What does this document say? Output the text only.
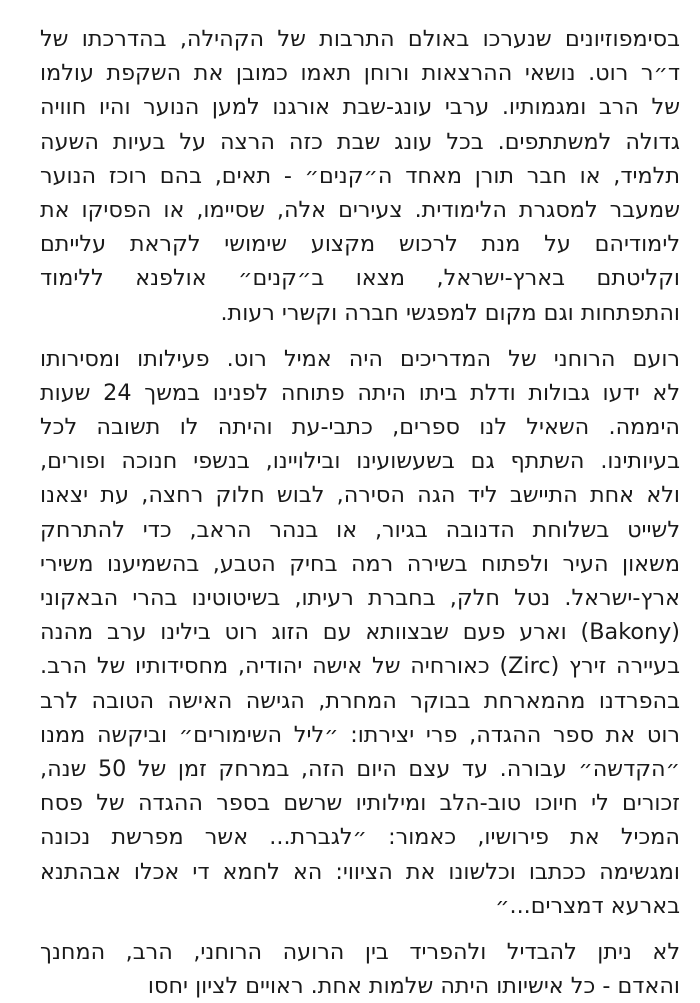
בסימפוזיונים שנערכו באולם התרבות של הקהילה, בהדרכתו של
ד״ר רוט. נושאי ההרצאות ורוחן תאמו כמובן את השקפת עולמו
של הרב ומגמותיו. ערבי עונג-שבת אורגנו למען הנוער והיו חוויה
גדולה למשתתפים. בכל עונג שבת כזה הרצה על בעיות השעה
תלמיד, או חבר תורן מאחד ה״קנים״ - תאים, בהם רוכז הנוער
שמעבר למסגרת הלימודית. צעירים אלה, שסיימו, או הפסיקו את
לימודיהם על מנת לרכוש מקצוע שימושי לקראת עלייתם
וקליטתם בארץ-ישראל, מצאו ב״קנים״ אולפנא ללימוד
והתפתחות וגם מקום למפגשי חברה וקשרי רעות.
רועם הרוחני של המדריכים היה אמיל רוט. פעילותו ומסירותו
לא ידעו גבולות ודלת ביתו היתה פתוחה לפנינו במשך 24 שעות
היממה. השאיל לנו ספרים, כתבי-עת והיתה לו תשובה לכל
בעיותינו. השתתף גם בשעשועינו ובילויינו, בנשפי חנוכה ופורים,
ולא אחת התיישב ליד הגה הסירה, לבוש חלוק רחצה, עת יצאנו
לשייט בשלוחת הדנובה בגיור, או בנהר הראב, כדי להתרחק
משאון העיר ולפתוח בשירה רמה בחיק הטבע, בהשמיענו משירי
ארץ-ישראל. נטל חלק, בחברת רעיתו, בשיטוטינו בהרי הבאקוני
(Bakony) וארע פעם שבצוותא עם הזוג רוט בילינו ערב מהנה
בעיירה זירץ (Zirc) כאורחיה של אישה יהודיה, מחסידותיו של הרב.
בהפרדנו מהמארחת בבוקר המחרת, הגישה האישה הטובה לרב
רוט את ספר ההגדה, פרי יצירתו: ״ליל השימורים״ וביקשה ממנו
״הקדשה״ עבורה. עד עצם היום הזה, במרחק זמן של 50 שנה,
זכורים לי חיוכו טוב-הלב ומילותיו שרשם בספר ההגדה של פסח
המכיל את פירושיו, כאמור: ״לגברת... אשר מפרשת נכונה
ומגשימה ככתבו וכלשונו את הציווי: הא לחמא די אכלו אבהתנא
בארעא דמצרים...״
לא ניתן להבדיל ולהפריד בין הרועה הרוחני, הרב, המחנך
והאדם - כל אישיותו היתה שלמות אחת. ראויים לציון יחסו
